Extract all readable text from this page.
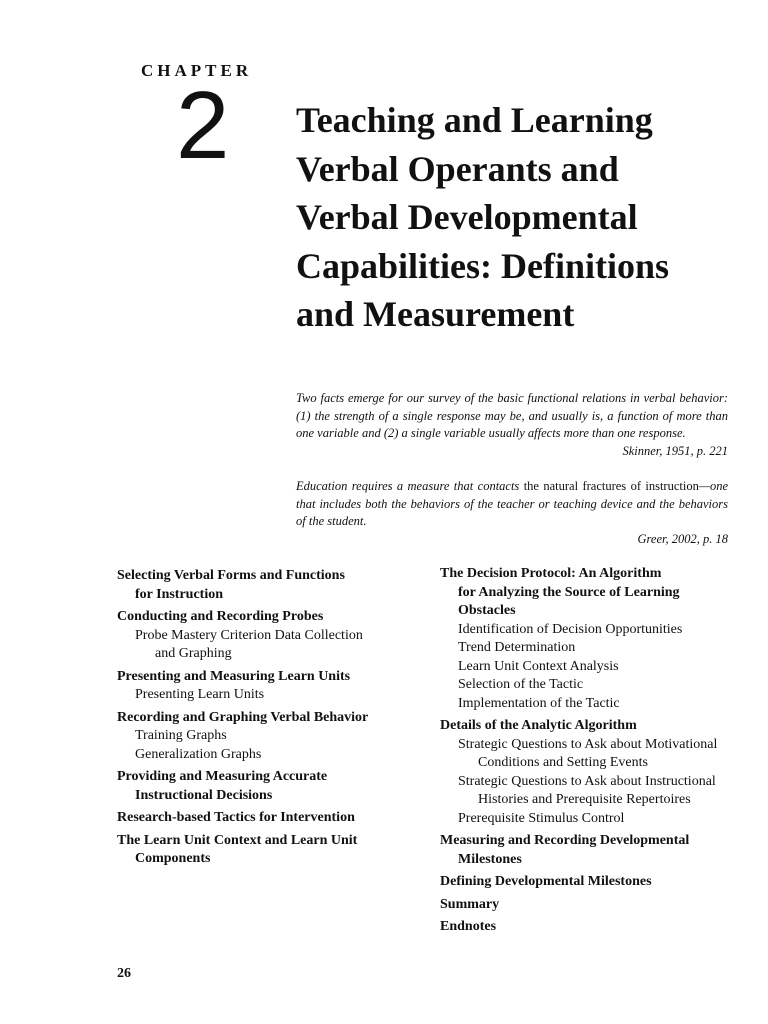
CHAPTER
2 Teaching and Learning
Verbal Operants and
Verbal Developmental
Capabilities: Definitions
and Measurement
Two facts emerge for our survey of the basic functional relations in verbal behavior: (1) the strength of a single response may be, and usually is, a function of more than one variable and (2) a single variable usually affects more than one response.
Skinner, 1951, p. 221
Education requires a measure that contacts the natural fractures of instruction—one that includes both the behaviors of the teacher or teaching device and the behaviors of the student.
Greer, 2002, p. 18
Selecting Verbal Forms and Functions
for Instruction
Conducting and Recording Probes
Probe Mastery Criterion Data Collection
and Graphing
Presenting and Measuring Learn Units
Presenting Learn Units
Recording and Graphing Verbal Behavior
Training Graphs
Generalization Graphs
Providing and Measuring Accurate
Instructional Decisions
Research-based Tactics for Intervention
The Learn Unit Context and Learn Unit
Components
The Decision Protocol: An Algorithm
for Analyzing the Source of Learning
Obstacles
Identification of Decision Opportunities
Trend Determination
Learn Unit Context Analysis
Selection of the Tactic
Implementation of the Tactic
Details of the Analytic Algorithm
Strategic Questions to Ask about Motivational
Conditions and Setting Events
Strategic Questions to Ask about Instructional
Histories and Prerequisite Repertoires
Prerequisite Stimulus Control
Measuring and Recording Developmental
Milestones
Defining Developmental Milestones
Summary
Endnotes
26
